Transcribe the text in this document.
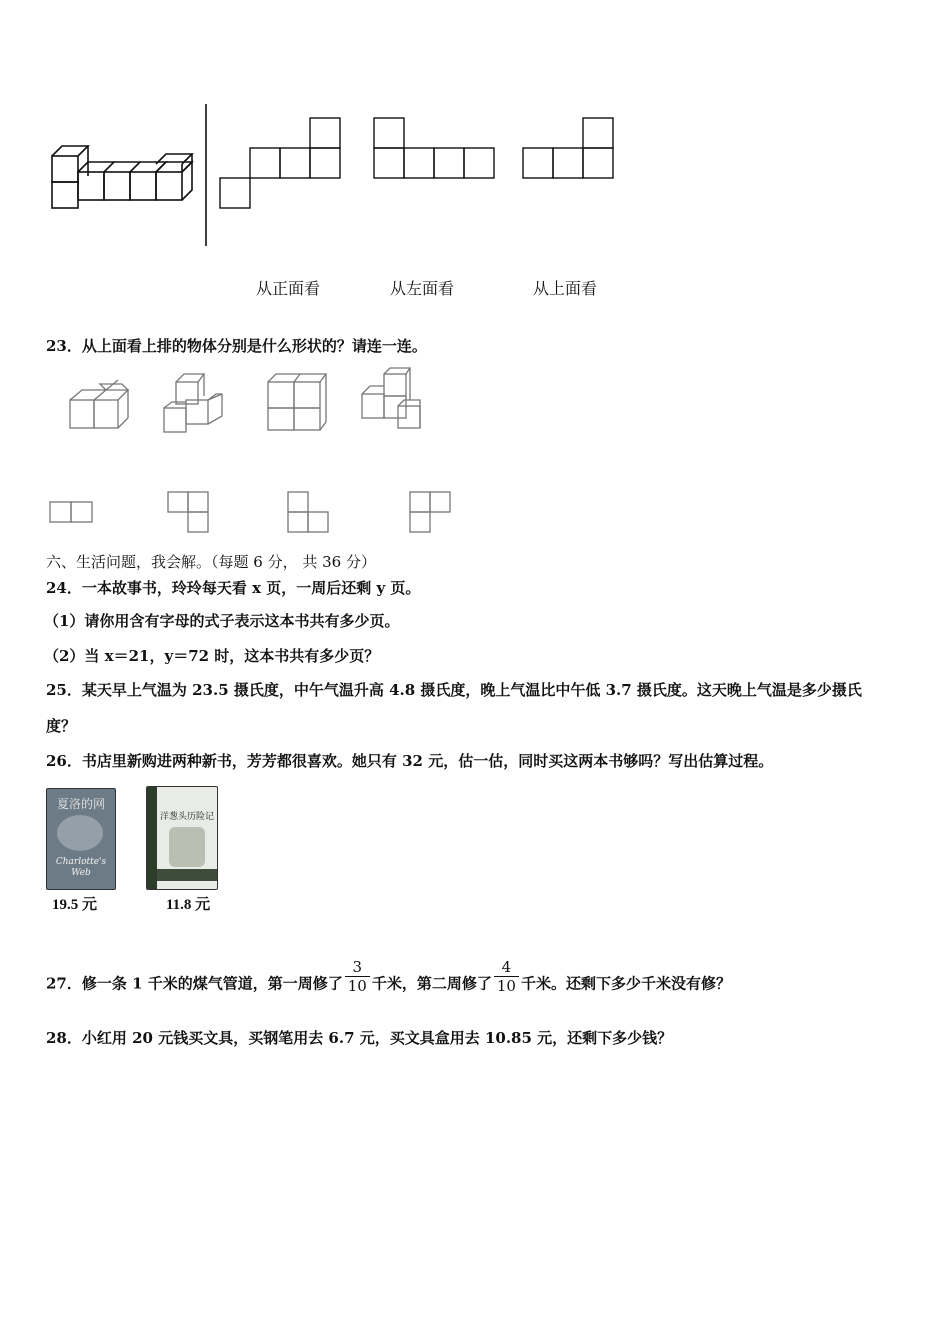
从正面看	从左面看	从上面看
23．从上面看上排的物体分别是什么形状的？请连一连。
六、生活问题，我会解。（每题 6 分， 共 36 分）
24．一本故事书，玲玲每天看 x 页，一周后还剩 y 页。
（1）请你用含有字母的式子表示这本书共有多少页。
（2）当 x＝21，y＝72 时，这本书共有多少页？
25．某天早上气温为 23.5 摄氏度，中午气温升高 4.8 摄氏度，晚上气温比中午低 3.7 摄氏度。这天晚上气温是多少摄氏
度？
26．书店里新购进两种新书，芳芳都很喜欢。她只有 32 元，估一估，同时买这两本书够吗？写出估算过程。
夏洛的网
Charlotte's Web
洋葱头历险记
19.5 元	11.8 元
27．修一条 1 千米的煤气管道，第一周修了 $\frac{3}{10}$ 千米，第二周修了 $\frac{4}{10}$ 千米。还剩下多少千米没有修？
28．小红用 20 元钱买文具，买钢笔用去 6.7 元，买文具盒用去 10.85 元，还剩下多少钱？
